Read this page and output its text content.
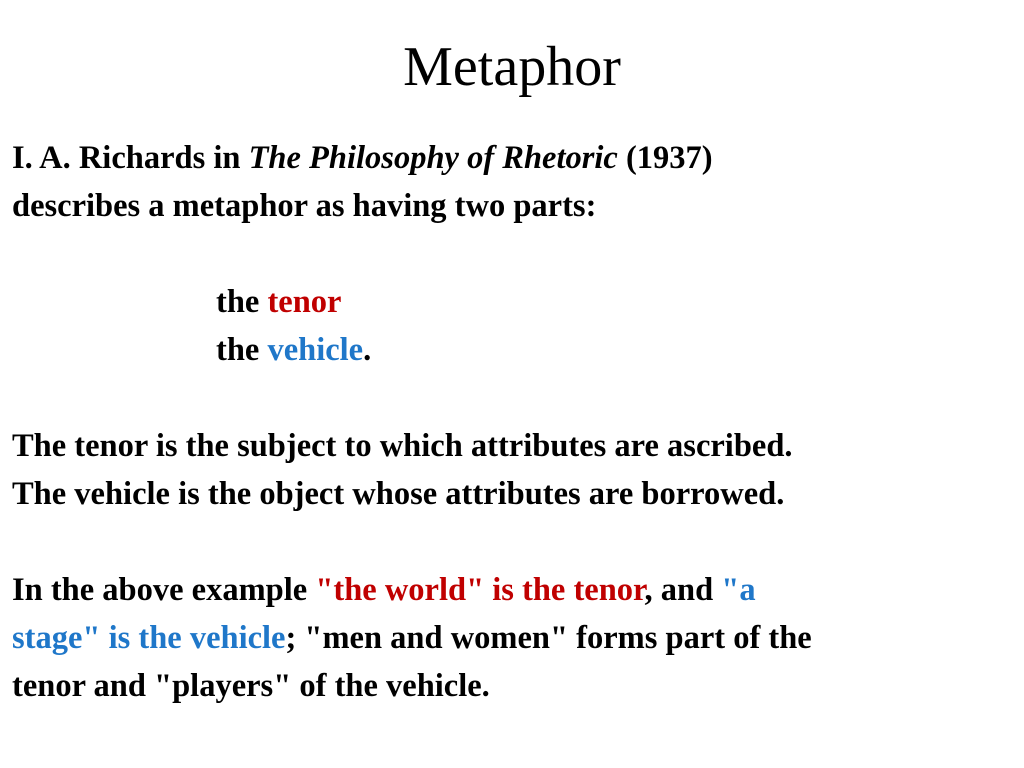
Metaphor
I. A. Richards in The Philosophy of Rhetoric (1937)
describes a metaphor as having two parts:
the tenor
the vehicle.
The tenor is the subject to which attributes are ascribed.
The vehicle is the object whose attributes are borrowed.
In the above example "the world" is the tenor, and "a
stage" is the vehicle; "men and women" forms part of the
tenor and "players" of the vehicle.
